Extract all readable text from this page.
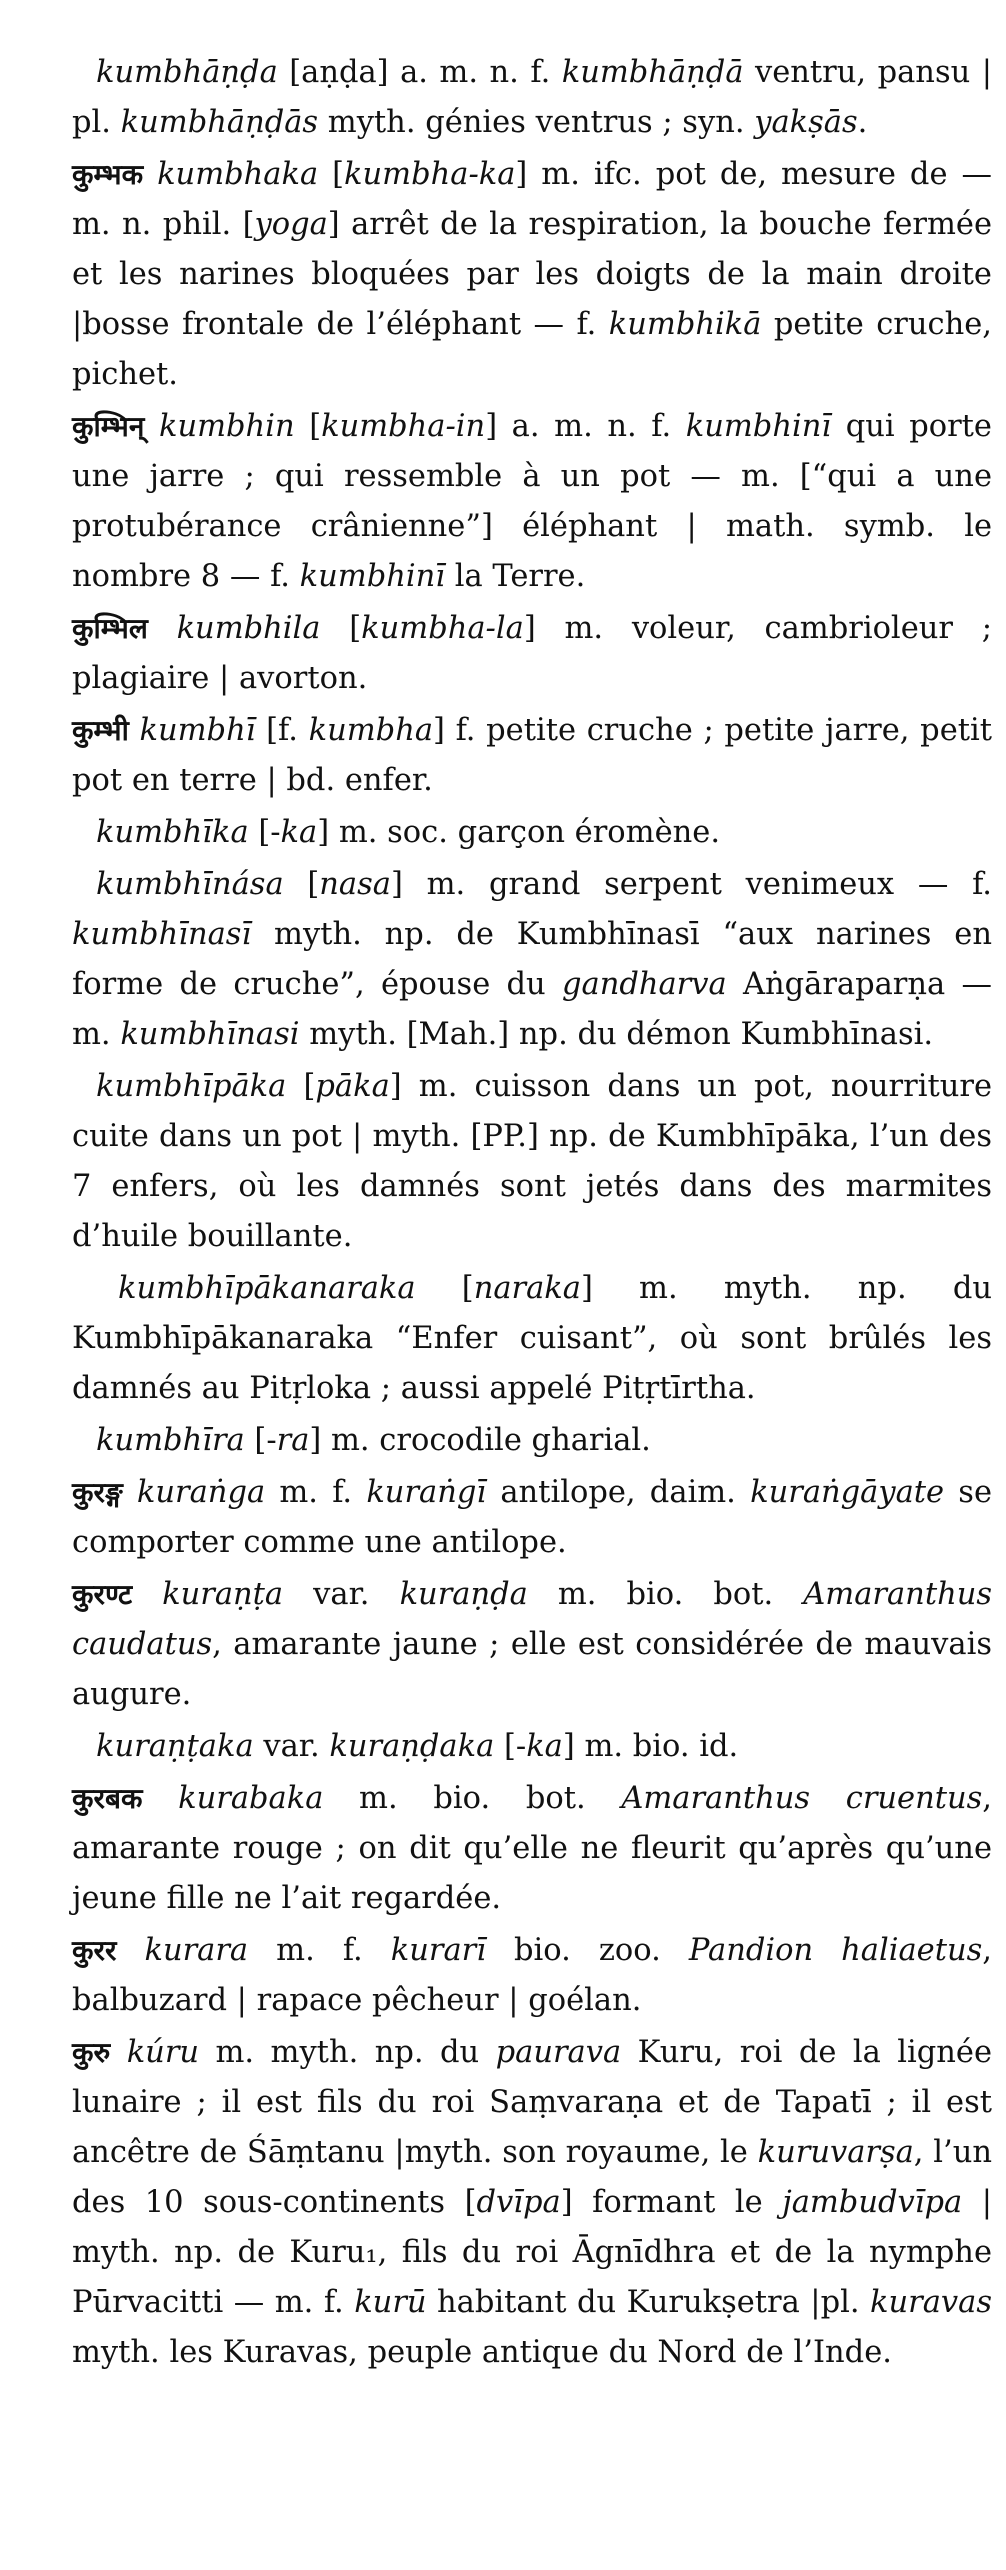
kumbhāṇḍa [aṇḍa] a. m. n. f. kumbhāṇḍā ventru, pansu | pl. kumbhāṇḍās myth. génies ventrus ; syn. yakṣās.

कुम्भक kumbhaka [kumbha-ka] m. ifc. pot de, mesure de — m. n. phil. [yoga] arrêt de la respiration, la bouche fermée et les narines bloquées par les doigts de la main droite |bosse frontale de l’éléphant — f. kumbhikā petite cruche, pichet.

कुम्भिन् kumbhin [kumbha-in] a. m. n. f. kumbhinī qui porte une jarre ; qui ressemble à un pot — m. [“qui a une protubérance crânienne”] éléphant | math. symb. le nombre 8 — f. kumbhinī la Terre.

कुम्भिल kumbhila [kumbha-la] m. voleur, cambrioleur ; plagiaire | avorton.

कुम्भी kumbhī [f. kumbha] f. petite cruche ; petite jarre, petit pot en terre | bd. enfer.

kumbhīka [-ka] m. soc. garçon éromène.

kumbhīnása [nasa] m. grand serpent venimeux — f. kumbhīnasī myth. np. de Kumbhīnasī “aux narines en forme de cruche”, épouse du gandharva Aṅgāraparṇa — m. kumbhīnasi myth. [Mah.] np. du démon Kumbhīnasi.

kumbhīpāka [pāka] m. cuisson dans un pot, nourriture cuite dans un pot | myth. [PP.] np. de Kumbhīpāka, l’un des 7 enfers, où les damnés sont jetés dans des marmites d’huile bouillante.

kumbhīpākanaraka [naraka] m. myth. np. du Kumbhīpākanaraka “Enfer cuisant”, où sont brûlés les damnés au Pitṛloka ; aussi appelé Pitṛtīrtha.

kumbhīra [-ra] m. crocodile gharial.

कुरङ्ग kuraṅga m. f. kuraṅgī antilope, daim. kuraṅgāyate se comporter comme une antilope.

कुरण्ट kuraṇṭa var. kuraṇḍa m. bio. bot. Amaranthus caudatus, amarante jaune ; elle est considérée de mauvais augure.

kuraṇṭaka var. kuraṇḍaka [-ka] m. bio. id.

कुरबक kurabaka m. bio. bot. Amaranthus cruentus, amarante rouge ; on dit qu’elle ne fleurit qu’après qu’une jeune fille ne l’ait regardée.

कुरर kurara m. f. kurarī bio. zoo. Pandion haliaetus, balbuzard | rapace pêcheur | goélan.

कुरु kúru m. myth. np. du paurava Kuru, roi de la lignée lunaire ; il est fils du roi Saṃvaraṇa et de Tapatī ; il est ancêtre de Śāṃtanu |myth. son royaume, le kuruvarṣa, l’un des 10 sous-continents [dvīpa] formant le jambudvīpa | myth. np. de Kuru₁, fils du roi Āgnīdhra et de la nymphe Pūrvacitti — m. f. kurū habitant du Kurukṣetra |pl. kuravas myth. les Kuravas, peuple antique du Nord de l’Inde.
